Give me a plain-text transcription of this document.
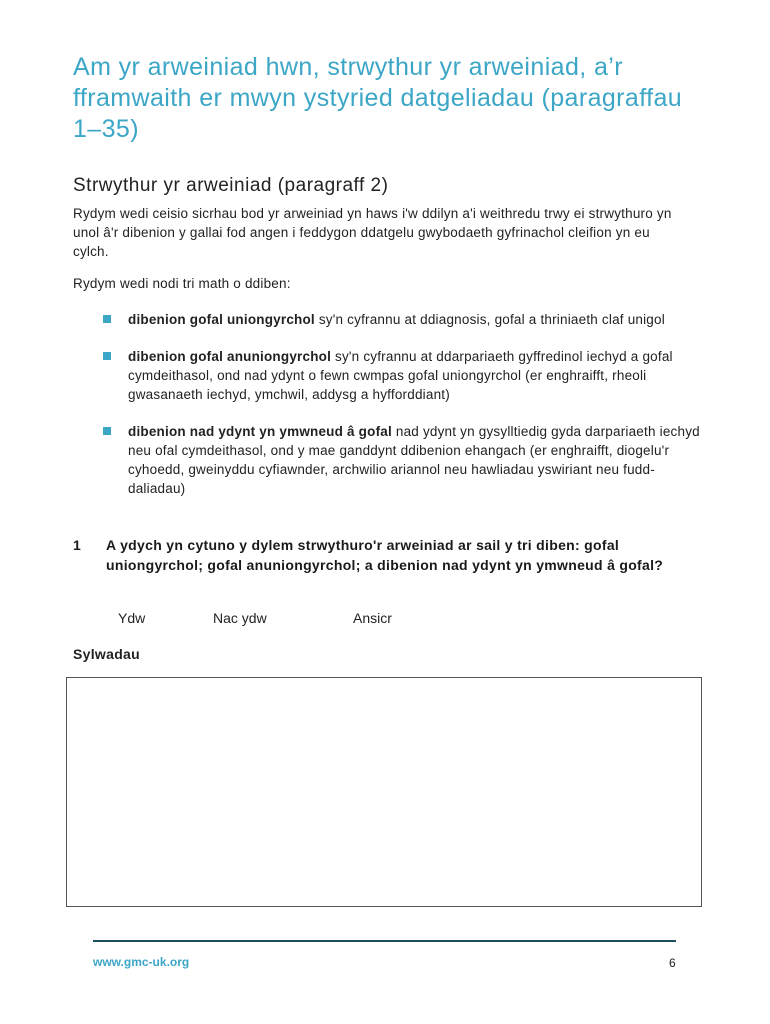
Am yr arweiniad hwn, strwythur yr arweiniad, a’r fframwaith er mwyn ystyried datgeliadau (paragraffau 1–35)
Strwythur yr arweiniad (paragraff 2)

Rydym wedi ceisio sicrhau bod yr arweiniad yn haws i'w ddilyn a'i weithredu trwy ei strwythuro yn unol â'r dibenion y gallai fod angen i feddygon ddatgelu gwybodaeth gyfrinachol cleifion yn eu cylch.

Rydym wedi nodi tri math o ddiben:

dibenion gofal uniongyrchol sy'n cyfrannu at ddiagnosis, gofal a thriniaeth claf unigol
dibenion gofal anuniongyrchol sy'n cyfrannu at ddarpariaeth gyffredinol iechyd a gofal cymdeithasol, ond nad ydynt o fewn cwmpas gofal uniongyrchol (er enghraifft, rheoli gwasanaeth iechyd, ymchwil, addysg a hyfforddiant)
dibenion nad ydynt yn ymwneud â gofal nad ydynt yn gysylltiedig gyda darpariaeth iechyd neu ofal cymdeithasol, ond y mae ganddynt ddibenion ehangach (er enghraifft, diogelu'r cyhoedd, gweinyddu cyfiawnder, archwilio ariannol neu hawliadau yswiriant neu fudd-daliadau)
1 A ydych yn cytuno y dylem strwythuro'r arweiniad ar sail y tri diben: gofal uniongyrchol; gofal anuniongyrchol; a dibenion nad ydynt yn ymwneud â gofal?

Ydw	Nac ydw	Ansicr
Sylwadau
www.gmc-uk.org	6
